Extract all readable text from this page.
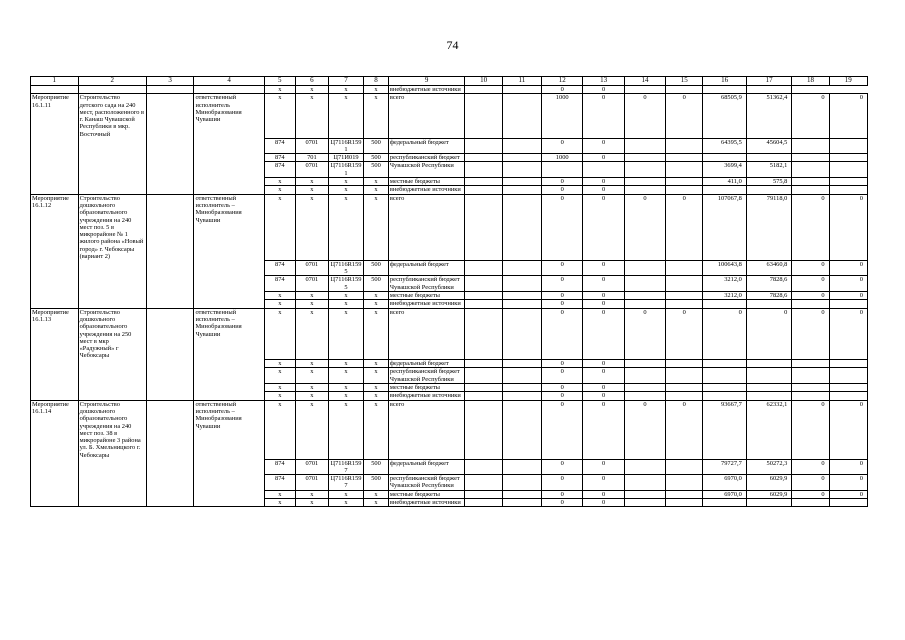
74
1	2	3	4	5	6	7	8	9	10	11	12	13	14	15	16	17	18	19
				x	x	x	x	внебюджетные источники			0	0						
Мероприятие 16.1.11	Строительство детского сада на 240 мест, расположенного в г. Канаш Чувашской Республики в мкр. Восточный		ответственный исполнитель Минобразования Чувашии	x	x	x	x	всего			1000	0	0	0	68505,9	51362,4	0	0
				874	0701	Ц7116R1591	500	федеральный бюджет			0	0			64395,5	45604,5		
				874	701	Ц71И019	500	республиканский бюджет			1000	0						
				874	0701	Ц7116R1591	500	Чувашской Республики							3699,4	5182,1		
				x	x	x	x	местные бюджеты			0	0			411,0	575,8		
				x	x	x	x	внебюджетные источники			0	0						
Мероприятие 16.1.12	Строительство дошкольного образовательного учреждения на 240 мест поз. 5 в микрорайоне № 1 жилого района «Новый город» г. Чебоксары (вариант 2)		ответственный исполнитель – Минобразования Чувашии	x	x	x	x	всего			0	0	0	0	107067,8	79118,0	0	0
				874	0701	Ц7116R1595	500	федеральный бюджет			0	0			100643,8	63460,8	0	0
				874	0701	Ц7116R1595	500	республиканский бюджет Чувашской Республики			0	0			3212,0	7828,6	0	0
				x	x	x	x	местные бюджеты			0	0			3212,0	7828,6	0	0
				x	x	x	x	внебюджетные источники			0	0						
Мероприятие 16.1.13	Строительство дошкольного образовательного учреждения на 250 мест в мкр «Радужный» г Чебоксары		ответственный исполнитель – Минобразования Чувашии	x	x	x	x	всего			0	0	0	0	0	0	0	0
				x	x	x	x	федеральный бюджет			0	0						
				x	x	x	x	республиканский бюджет Чувашской Республики			0	0						
				x	x	x	x	местные бюджеты			0	0						
				x	x	x	x	внебюджетные источники			0	0						
Мероприятие 16.1.14	Строительство дошкольного образовательного учреждения на 240 мест поз. 38 в микрорайоне 3 района ул. Б. Хмельницкого г. Чебоксары		ответственный исполнитель – Минобразования Чувашии	x	x	x	x	всего			0	0	0	0	93667,7	62332,1	0	0
				874	0701	Ц7116R1597	500	федеральный бюджет			0	0			79727,7	50272,3	0	0
				874	0701	Ц7116R1597	500	республиканский бюджет Чувашской Республики			0	0			6970,0	6029,9	0	0
				x	x	x	x	местные бюджеты			0	0			6970,0	6029,9	0	0
				x	x	x	x	внебюджетные источники			0	0						
